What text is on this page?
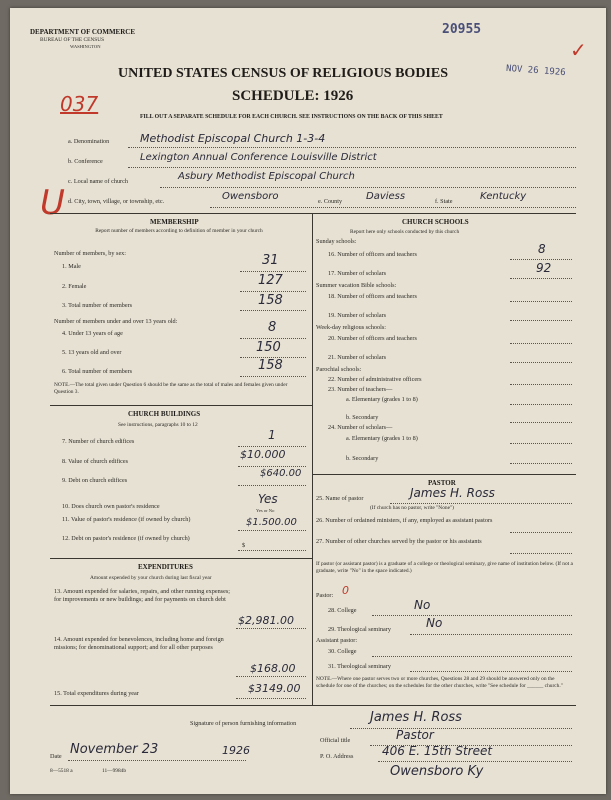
DEPARTMENT OF COMMERCE
BUREAU OF THE CENSUS
WASHINGTON
20955
NOV 26 1926
✓
UNITED STATES CENSUS OF RELIGIOUS BODIES
SCHEDULE: 1926
037
FILL OUT A SEPARATE SCHEDULE FOR EACH CHURCH. SEE INSTRUCTIONS ON THE BACK OF THIS SHEET
U
a. Denomination	Methodist Episcopal Church 1-3-4
b. Conference	Lexington Annual Conference Louisville District
c. Local name of church	Asbury Methodist Episcopal Church
d. City, town, village, or township, etc.	Owensboro	e. County Daviess	f. State	Kentucky
MEMBERSHIP
Report number of members according to definition of member in your church
Number of members, by sex:
1. Male	31
2. Female	127
3. Total number of members	158
Number of members under and over 13 years old:
4. Under 13 years of age	8
5. 13 years old and over	150
6. Total number of members	158
NOTE.—The total given under Question 6 should be the same as the total of males and females given under Question 3.
CHURCH BUILDINGS
See instructions, paragraphs 10 to 12
7. Number of church edifices	1
8. Value of church edifices
$10.000
9. Debt on church edifices
$640.00
10. Does church own pastor's residence
Yes
Yes or No
11. Value of pastor's residence (if owned by church)	$1.500.00
12. Debt on pastor's residence (if owned by church)
$
EXPENDITURES
Amount expended by your church during last fiscal year
13. Amount expended for salaries, repairs, and other running expenses; for improvements or new buildings; and for payments on church debt
$2,981.00
14. Amount expended for benevolences, including home and foreign missions; for denominational support; and for all other purposes
$168.00
15. Total expenditures during year	$3149.00
CHURCH SCHOOLS
Report here only schools conducted by this church
Sunday schools:
16. Number of officers and teachers	8
17. Number of scholars	92
Summer vacation Bible schools:
18. Number of officers and teachers
19. Number of scholars
Week-day religious schools:
20. Number of officers and teachers
21. Number of scholars
Parochial schools:
22. Number of administrative officers
23. Number of teachers—
a. Elementary (grades 1 to 8)
b. Secondary
24. Number of scholars—
a. Elementary (grades 1 to 8)
b. Secondary
PASTOR
25. Name of pastor	James H. Ross
(If church has no pastor, write "None")
26. Number of ordained ministers, if any, employed as assistant pastors
27. Number of other churches served by the pastor or his assistants
If pastor (or assistant pastor) is a graduate of a college or theological seminary, give name of institution below. (If not a graduate, write "No" in the space indicated.)
Pastor: 0
28. College	No
29. Theological seminary	No
Assistant pastor:
30. College
31. Theological seminary
NOTE.—Where one pastor serves two or more churches, Questions 28 and 29 should be answered only on the schedule for one of the churches; on the schedules for the other churches, write "See schedule for ______ church."
Signature of person furnishing information	James H. Ross
Official title	Pastor
Date November 23	1926	P. O. Address 406 E. 15th Street
Owensboro Ky
8—5518 a	11—9984b
